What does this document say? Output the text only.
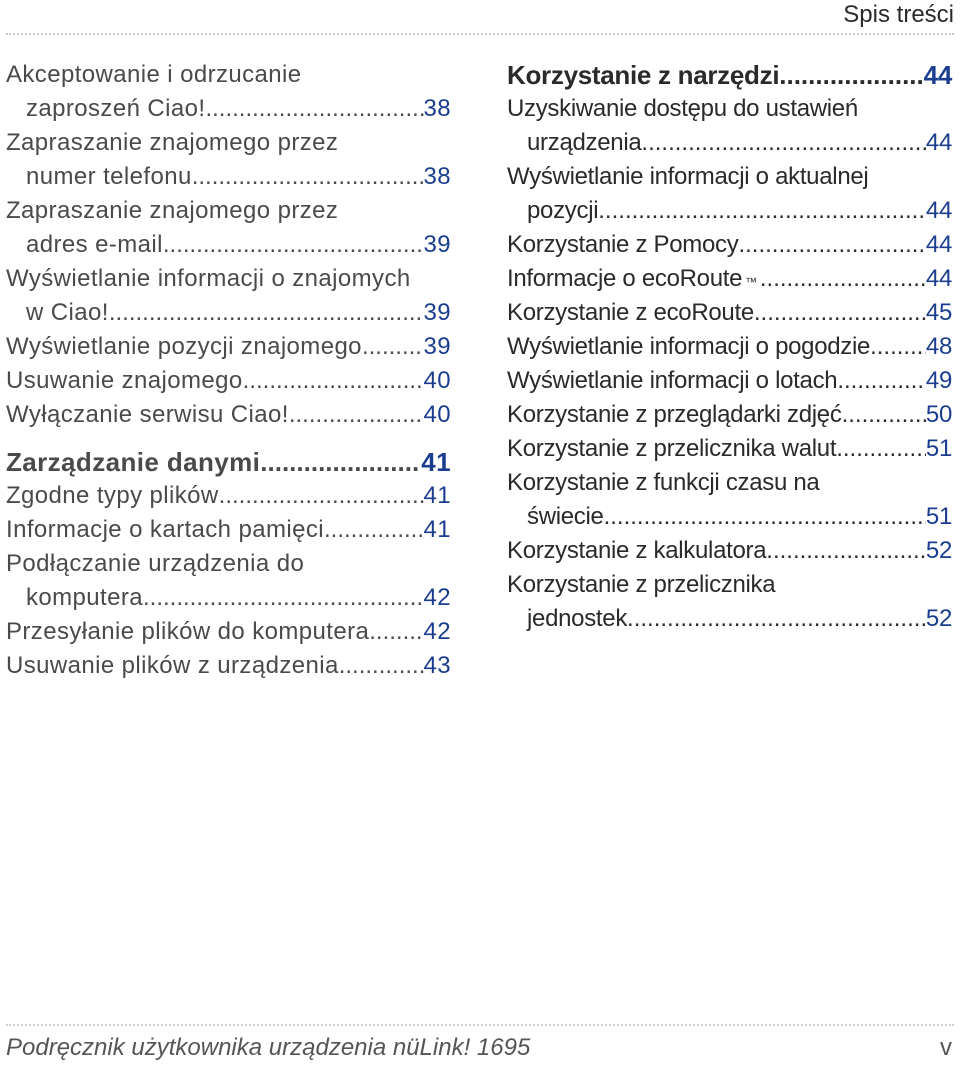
Spis treści
Akceptowanie i odrzucanie
zaproszeń Ciao! .....	38
Zapraszanie znajomego przez
numer telefonu .....	38
Zapraszanie znajomego przez
adres e-mail .....	39
Wyświetlanie informacji o znajomych
w Ciao! .....	39
Wyświetlanie pozycji znajomego .....	39
Usuwanie znajomego .....	40
Wyłączanie serwisu Ciao! .....	40
Zarządzanie danymi .....	41
Zgodne typy plików .....	41
Informacje o kartach pamięci .....	41
Podłączanie urządzenia do
komputera .....	42
Przesyłanie plików do komputera ..... 42
Usuwanie plików z urządzenia .....	43
Korzystanie z narzędzi .....	44
Uzyskiwanie dostępu do ustawień
urządzenia .....	44
Wyświetlanie informacji o aktualnej
pozycji .....	44
Korzystanie z Pomocy .....	44
Informacje o ecoRoute ™ .....	44
Korzystanie z ecoRoute .....	45
Wyświetlanie informacji o pogodzie ..... 48
Wyświetlanie informacji o lotach .....	49
Korzystanie z przeglądarki zdjęć .....	50
Korzystanie z przelicznika walut .....	51
Korzystanie z funkcji czasu na
świecie .....	51
Korzystanie z kalkulatora .....	52
Korzystanie z przelicznika
jednostek .....	52
Podręcznik użytkownika urządzenia nüLink! 1695	v
